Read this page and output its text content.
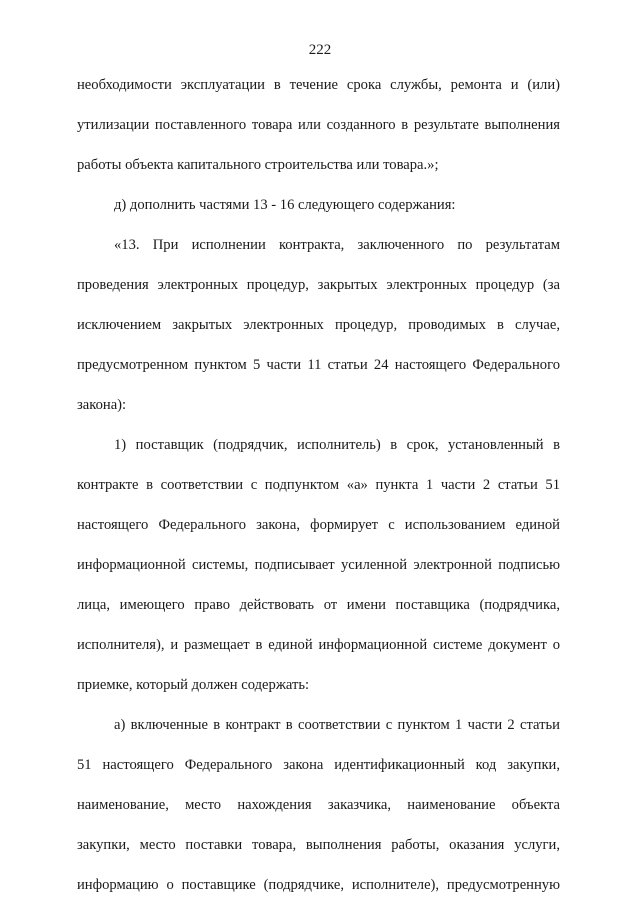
222
необходимости эксплуатации в течение срока службы, ремонта и (или)
утилизации поставленного товара или созданного в результате выполнения
работы объекта капитального строительства или товара.»;
д) дополнить частями 13 - 16 следующего содержания:
«13. При исполнении контракта, заключенного по результатам
проведения электронных процедур, закрытых электронных процедур (за
исключением закрытых электронных процедур, проводимых в случае,
предусмотренном пунктом 5 части 11 статьи 24 настоящего Федерального
закона):
1) поставщик (подрядчик, исполнитель) в срок, установленный в
контракте в соответствии с подпунктом «а» пункта 1 части 2 статьи 51
настоящего Федерального закона, формирует с использованием единой
информационной системы, подписывает усиленной электронной подписью
лица, имеющего право действовать от имени поставщика (подрядчика,
исполнителя), и размещает в единой информационной системе документ о
приемке, который должен содержать:
а) включенные в контракт в соответствии с пунктом 1 части 2 статьи
51 настоящего Федерального закона идентификационный код закупки,
наименование, место нахождения заказчика, наименование объекта
закупки, место поставки товара, выполнения работы, оказания услуги,
информацию о поставщике (подрядчике, исполнителе), предусмотренную
